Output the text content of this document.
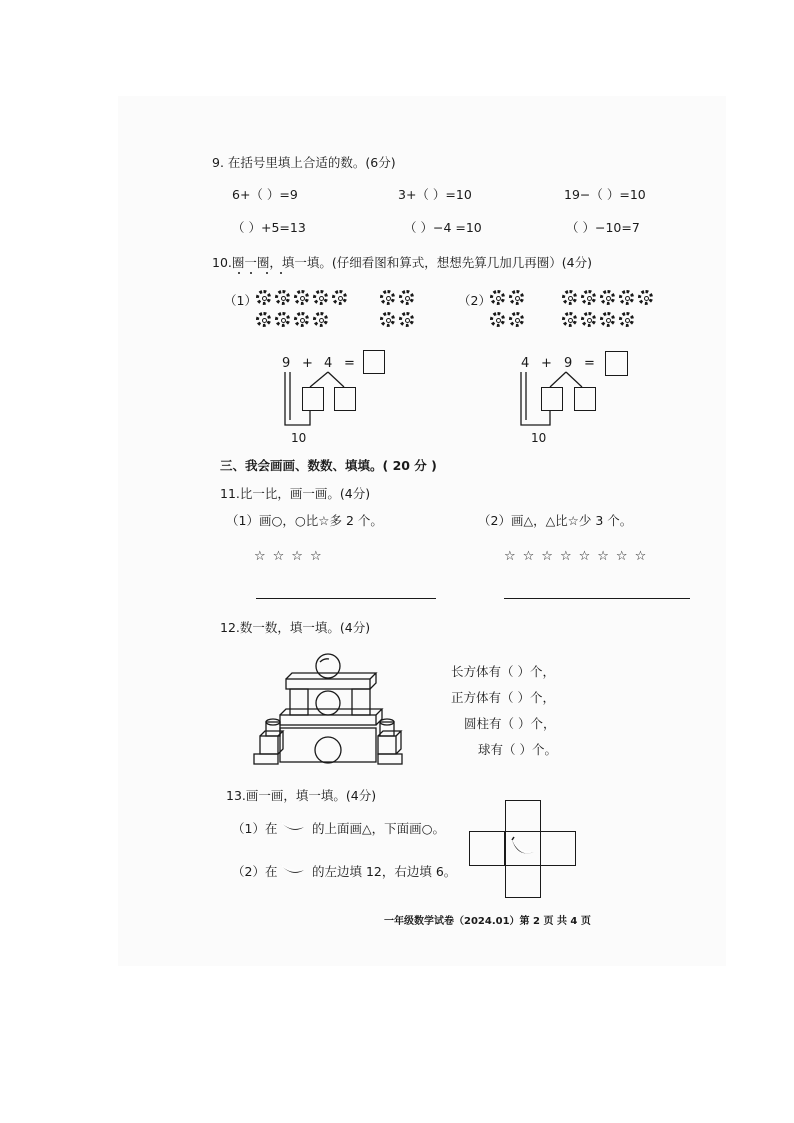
9. 在括号里填上合适的数。(6分)
6+（ ）=9	3+（ ）=10	19−（ ）=10
（ ）+5=13	（ ）−4 =10	（ ）−10=7
10.圈一圈，填一填。(仔细看图和算式，想想先算几加几再圈）(4分)
（1）	（2）
9 + 4 =
10
4 + 9 =
10
三、我会画画、数数、填填。( 20 分 )
11.比一比，画一画。(4分)
（1）画○，○比☆多 2 个。	（2）画△，△比☆少 3 个。
☆☆☆☆	☆☆☆☆☆☆☆☆
12.数一数，填一填。(4分)
长方体有（ ）个，
正方体有（ ）个，
圆柱有（ ）个，
球有（ ）个。
13.画一画，填一填。(4分)
（1）在	的上面画△，下面画○。
（2）在	的左边填 12，右边填 6。
一年级数学试卷（2024.01）第 2 页 共 4 页
